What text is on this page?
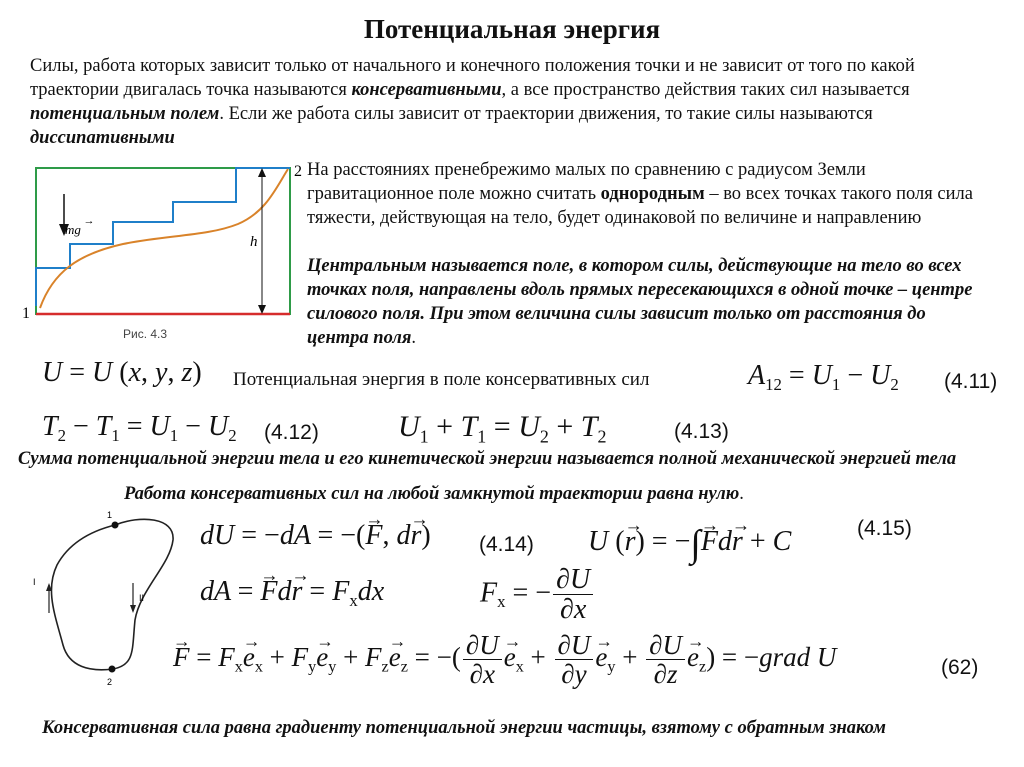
Потенциальная энергия
Силы, работа которых зависит только от начального и конечного положения точки и не зависит от того по какой траектории двигалась точка называются консервативными, а все пространство действия таких сил называется потенциальным полем. Если же работа силы зависит от траектории движения, то такие силы называются диссипативными
mg
→
h
2
1
Рис. 4.3
На расстояниях пренебрежимо малых по сравнению с радиусом Земли гравитационное поле можно считать однородным – во всех точках такого поля сила тяжести, действующая на тело, будет одинаковой по величине и направлению
Центральным называется поле, в котором силы, действующие на тело во всех точках поля, направлены вдоль прямых пересекающихся в одной точке – центре силового поля. При этом величина силы зависит только от расстояния до центра поля.
U = U (x, y, z) Потенциальная энергия в поле консервативных сил	$A_{12} = U_1 - U_2$ (4.11)
$T_2 - T_1 = U_1 - U_2$ (4.12)	$U_1 + T_1 = U_2 + T_2$	(4.13)
Сумма потенциальной энергии тела и его кинетической энергии называется полной механической энергией тела
Работа консервативных сил на любой замкнутой траектории равна нулю.
1
2
I
II
dU = −dA = −(→ F, d→ r) (4.14) U (→ r) = −∫→ Fd→ r + C	(4.15)
dA = → $Fd\to r = F_xdx$	$F_x$ = − $\frac{\partial U}{\partial x}$
→ $F = F_x\to e_x + F_y\to e_y + F_z\to e_z$ = −( $\frac{\partial U}{\partial x}$
→ $e_x + \frac{\partial U}{\partial y}$
→ $e_y + \frac{\partial U}{\partial z}$
→ $e_z$) = −grad U	(62)
Консервативная сила равна градиенту потенциальной энергии частицы, взятому с обратным знаком
